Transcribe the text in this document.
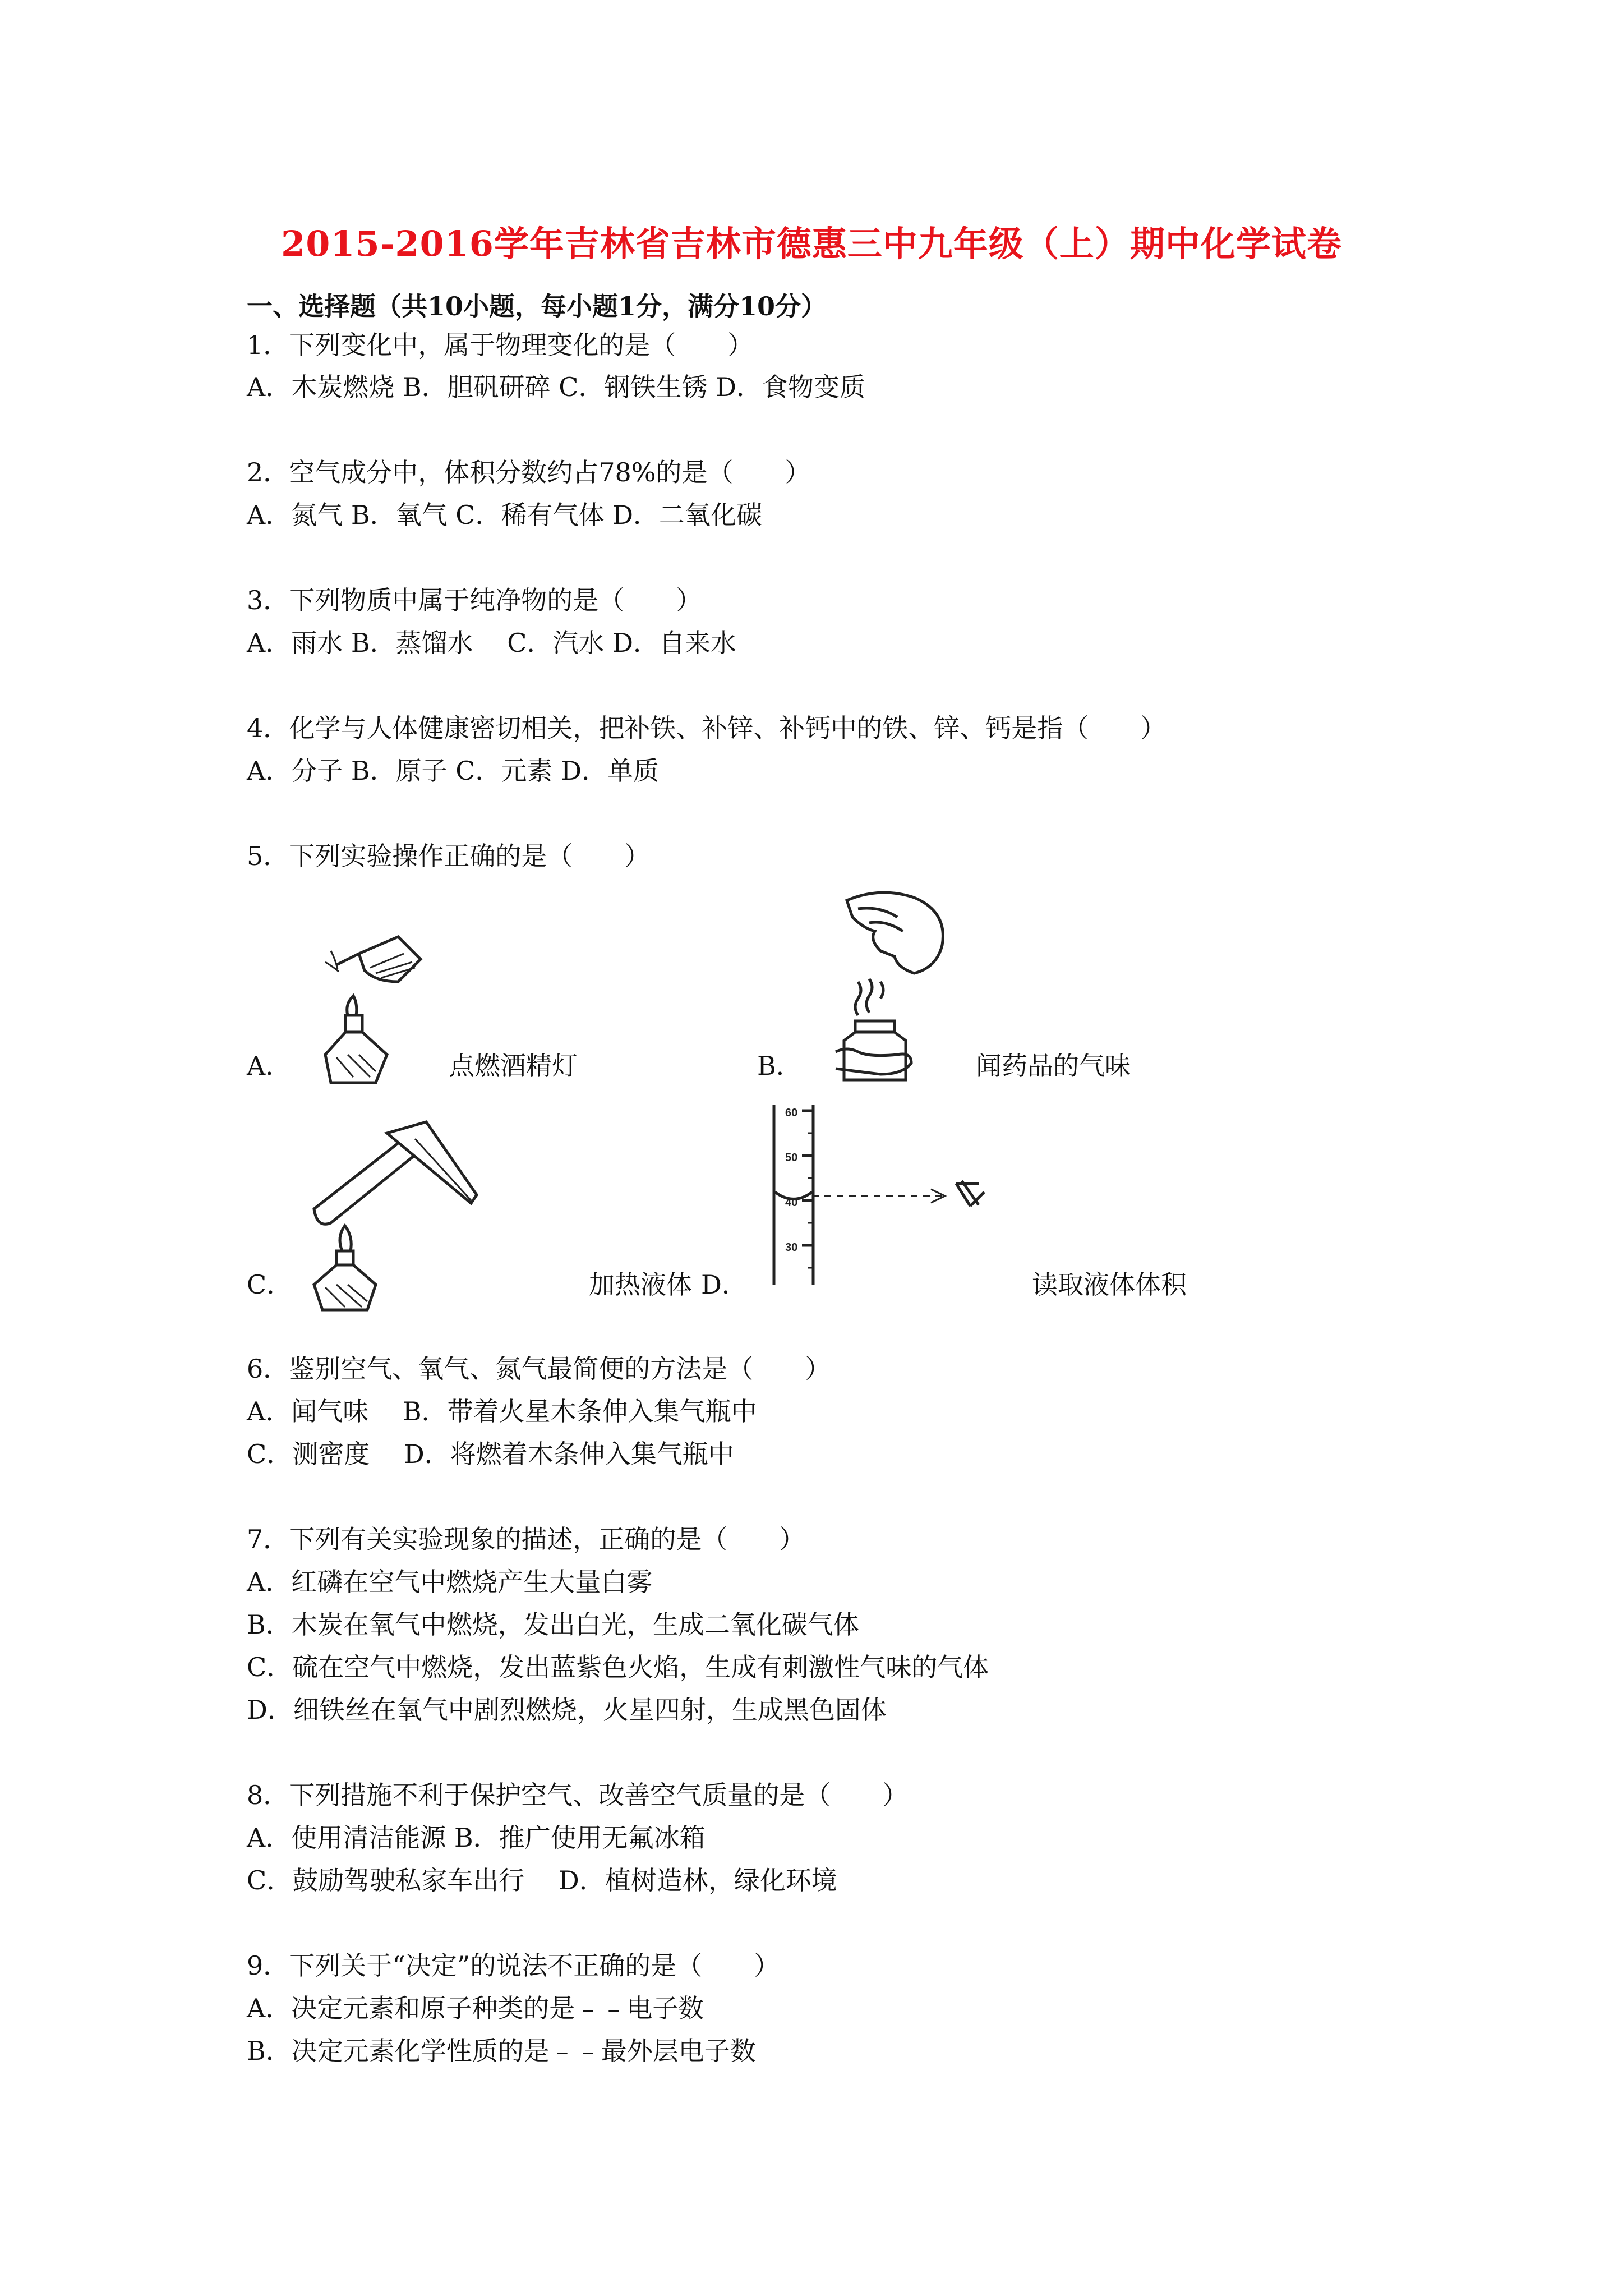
2015-2016学年吉林省吉林市德惠三中九年级（上）期中化学试卷
一、选择题（共10小题，每小题1分，满分10分）
1．下列变化中，属于物理变化的是（　　）
A．木炭燃烧 B．胆矾研碎 C．钢铁生锈 D．食物变质
2．空气成分中，体积分数约占78%的是（　　）
A．氮气 B．氧气 C．稀有气体 D．二氧化碳
3．下列物质中属于纯净物的是（　　）
A．雨水 B．蒸馏水　 C．汽水 D．自来水
4．化学与人体健康密切相关，把补铁、补锌、补钙中的铁、锌、钙是指（　　）
A．分子 B．原子 C．元素 D．单质
5．下列实验操作正确的是（　　）
A．	点燃酒精灯	B．	闻药品的气味
C．	加热液体
60
50
40
30
D．	读取液体体积
6．鉴别空气、氧气、氮气最简便的方法是（　　）
A．闻气味　 B．带着火星木条伸入集气瓶中
C．测密度　 D．将燃着木条伸入集气瓶中
7．下列有关实验现象的描述，正确的是（　　）
A．红磷在空气中燃烧产生大量白雾
B．木炭在氧气中燃烧，发出白光，生成二氧化碳气体
C．硫在空气中燃烧，发出蓝紫色火焰，生成有刺激性气味的气体
D．细铁丝在氧气中剧烈燃烧，火星四射，生成黑色固体
8．下列措施不利于保护空气、改善空气质量的是（　　）
A．使用清洁能源 B．推广使用无氟冰箱
C．鼓励驾驶私家车出行　 D．植树造林，绿化环境
9．下列关于“决定”的说法不正确的是（　　）
A．决定元素和原子种类的是﹣﹣电子数
B．决定元素化学性质的是﹣﹣最外层电子数
